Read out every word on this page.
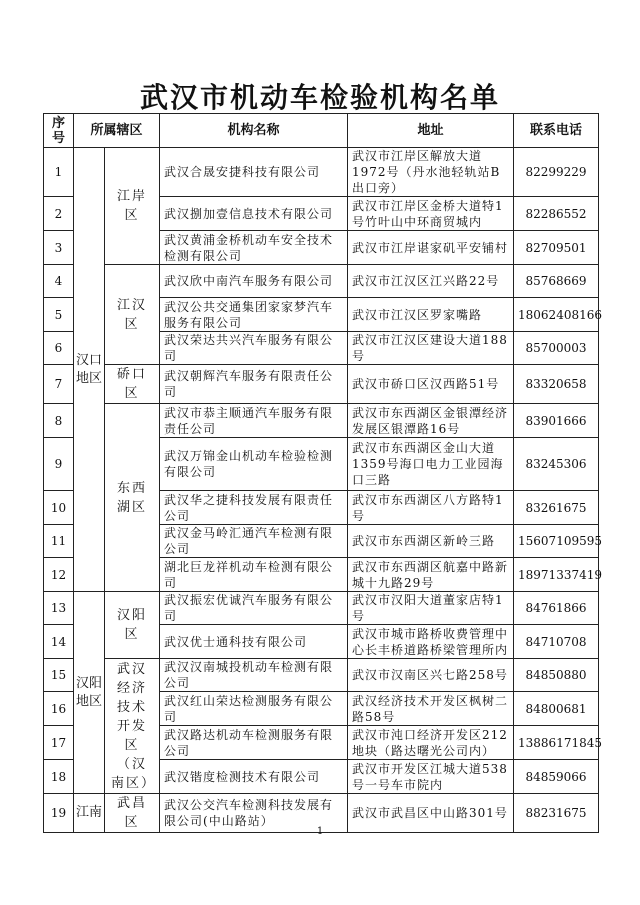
武汉市机动车检验机构名单
序号	所属辖区		机构名称	地址	联系电话
1	汉口地区	江岸区	武汉合晟安捷科技有限公司	武汉市江岸区解放大道1972号（丹水池轻轨站B出口旁）	82299229
2			武汉捌加壹信息技术有限公司	武汉市江岸区金桥大道特1号竹叶山中环商贸城内	82286552
3			武汉黄浦金桥机动车安全技术检测有限公司	武汉市江岸谌家矶平安铺村	82709501
4		江汉区	武汉欣中南汽车服务有限公司	武汉市江汉区江兴路22号	85768669
5			武汉公共交通集团家家梦汽车服务有限公司	武汉市江汉区罗家嘴路	18062408166
6			武汉荣达共兴汽车服务有限公司	武汉市江汉区建设大道188号	85700003
7		硚口区	武汉朝辉汽车服务有限责任公司	武汉市硚口区汉西路51号	83320658
8		东西湖区	武汉市恭主顺通汽车服务有限责任公司	武汉市东西湖区金银潭经济发展区银潭路16号	83901666
9			武汉万锦金山机动车检验检测有限公司	武汉市东西湖区金山大道1359号海口电力工业园海口三路	83245306
10			武汉华之捷科技发展有限责任公司	武汉市东西湖区八方路特1号	83261675
11			武汉金马岭汇通汽车检测有限公司	武汉市东西湖区新岭三路	15607109595
12			湖北巨龙祥机动车检测有限公司	武汉市东西湖区航嘉中路新城十九路29号	18971337419
13	汉阳地区	汉阳区	武汉振宏优诚汽车服务有限公司	武汉市汉阳大道董家店特1号	84761866
14			武汉优士通科技有限公司	武汉市城市路桥收费管理中心长丰桥道路桥梁管理所内	84710708
15		武汉经济技术开发区（汉南区）	武汉汉南城投机动车检测有限公司	武汉市汉南区兴七路258号	84850880
16			武汉红山荣达检测服务有限公司	武汉经济技术开发区枫树二路58号	84800681
17			武汉路达机动车检测服务有限公司	武汉市沌口经济开发区212地块（路达曙光公司内）	13886171845
18			武汉锴度检测技术有限公司	武汉市开发区江城大道538号一号车市院内	84859066
19	江南	武昌区	武汉公交汽车检测科技发展有限公司(中山路站）	武汉市武昌区中山路301号	88231675
1
